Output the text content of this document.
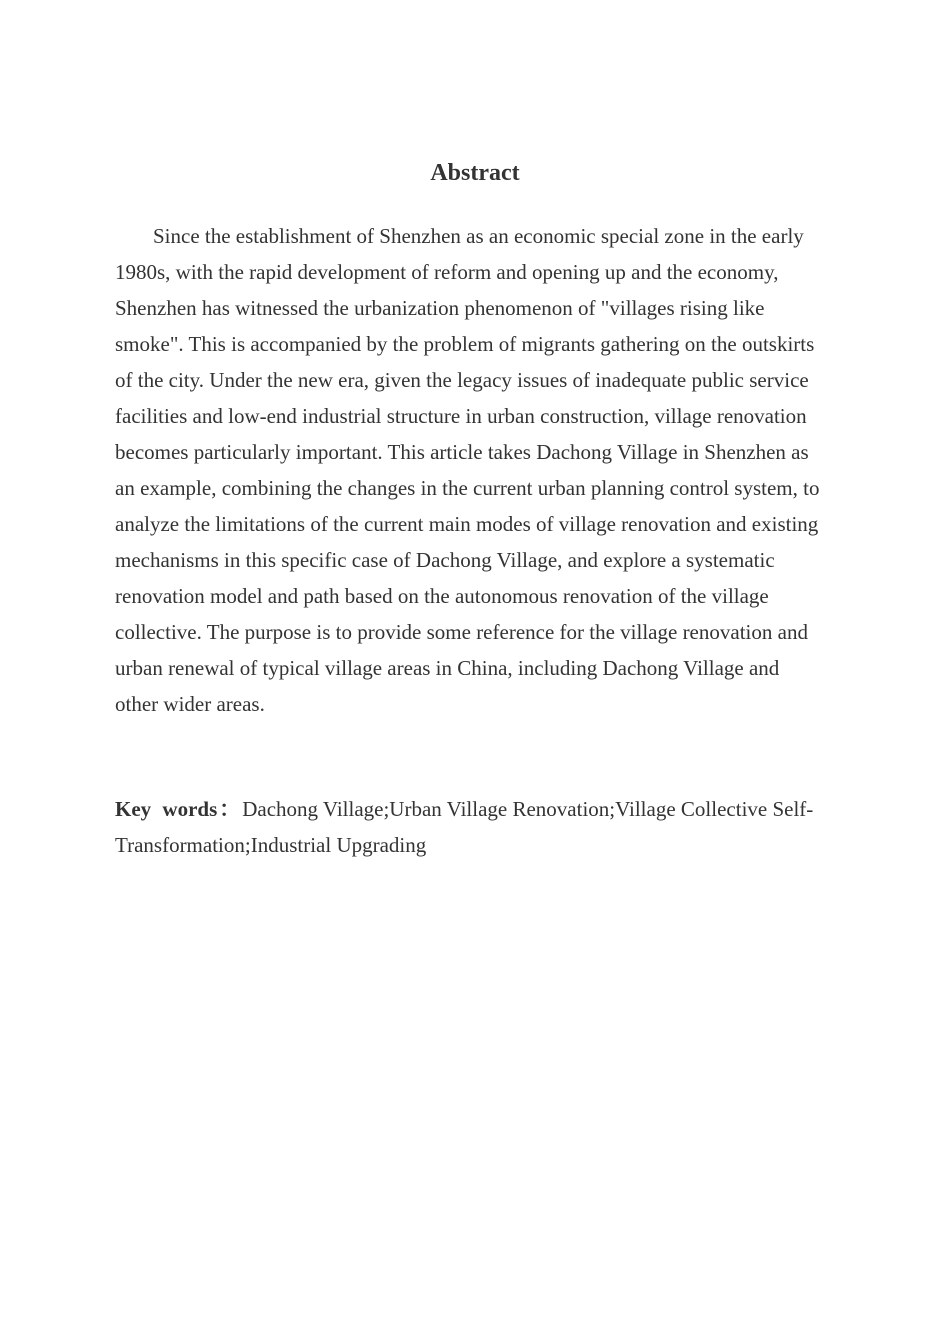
Abstract

Since the establishment of Shenzhen as an economic special zone in the early 1980s, with the rapid development of reform and opening up and the economy, Shenzhen has witnessed the urbanization phenomenon of "villages rising like smoke". This is accompanied by the problem of migrants gathering on the outskirts of the city. Under the new era, given the legacy issues of inadequate public service facilities and low-end industrial structure in urban construction, village renovation becomes particularly important. This article takes Dachong Village in Shenzhen as an example, combining the changes in the current urban planning control system, to analyze the limitations of the current main modes of village renovation and existing mechanisms in this specific case of Dachong Village, and explore a systematic renovation model and path based on the autonomous renovation of the village collective. The purpose is to provide some reference for the village renovation and urban renewal of typical village areas in China, including Dachong Village and other wider areas.

Key words：Dachong Village;Urban Village Renovation;Village Collective Self-Transformation;Industrial Upgrading
